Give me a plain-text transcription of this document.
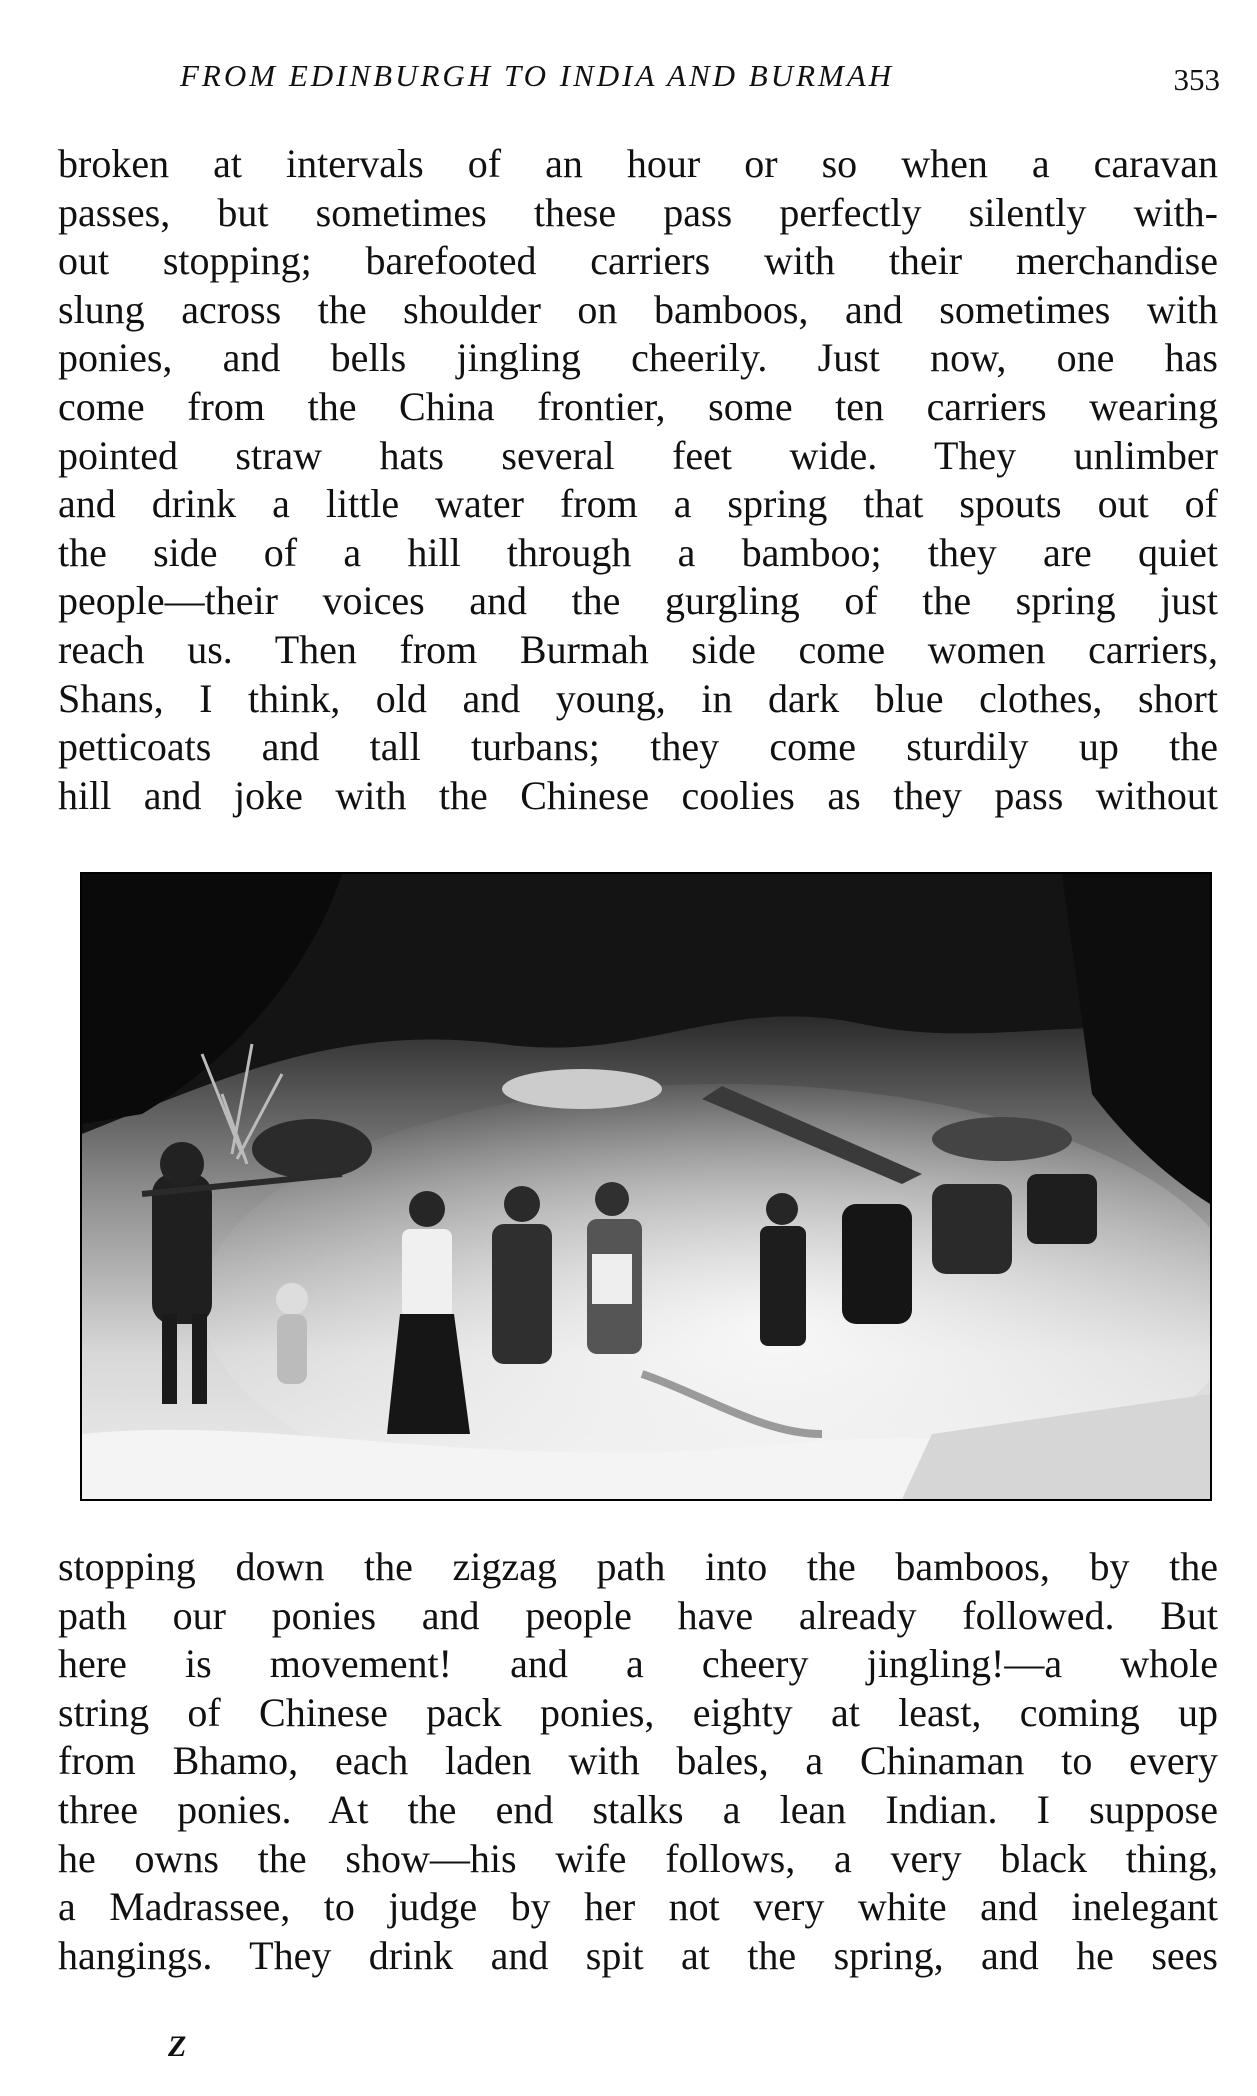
FROM EDINBURGH TO INDIA AND BURMAH	353
broken at intervals of an hour or so when a caravan
passes, but sometimes these pass perfectly silently with-
out stopping; barefooted carriers with their merchandise
slung across the shoulder on bamboos, and sometimes with
ponies, and bells jingling cheerily. Just now, one has
come from the China frontier, some ten carriers wearing
pointed straw hats several feet wide. They unlimber
and drink a little water from a spring that spouts out of
the side of a hill through a bamboo; they are quiet
people—their voices and the gurgling of the spring just
reach us. Then from Burmah side come women carriers,
Shans, I think, old and young, in dark blue clothes, short
petticoats and tall turbans; they come sturdily up the
hill and joke with the Chinese coolies as they pass without
stopping down the zigzag path into the bamboos, by the
path our ponies and people have already followed. But
here is movement! and a cheery jingling!—a whole
string of Chinese pack ponies, eighty at least, coming up
from Bhamo, each laden with bales, a Chinaman to every
three ponies. At the end stalks a lean Indian. I suppose
he owns the show—his wife follows, a very black thing,
a Madrassee, to judge by her not very white and inelegant
hangings. They drink and spit at the spring, and he sees
Z
